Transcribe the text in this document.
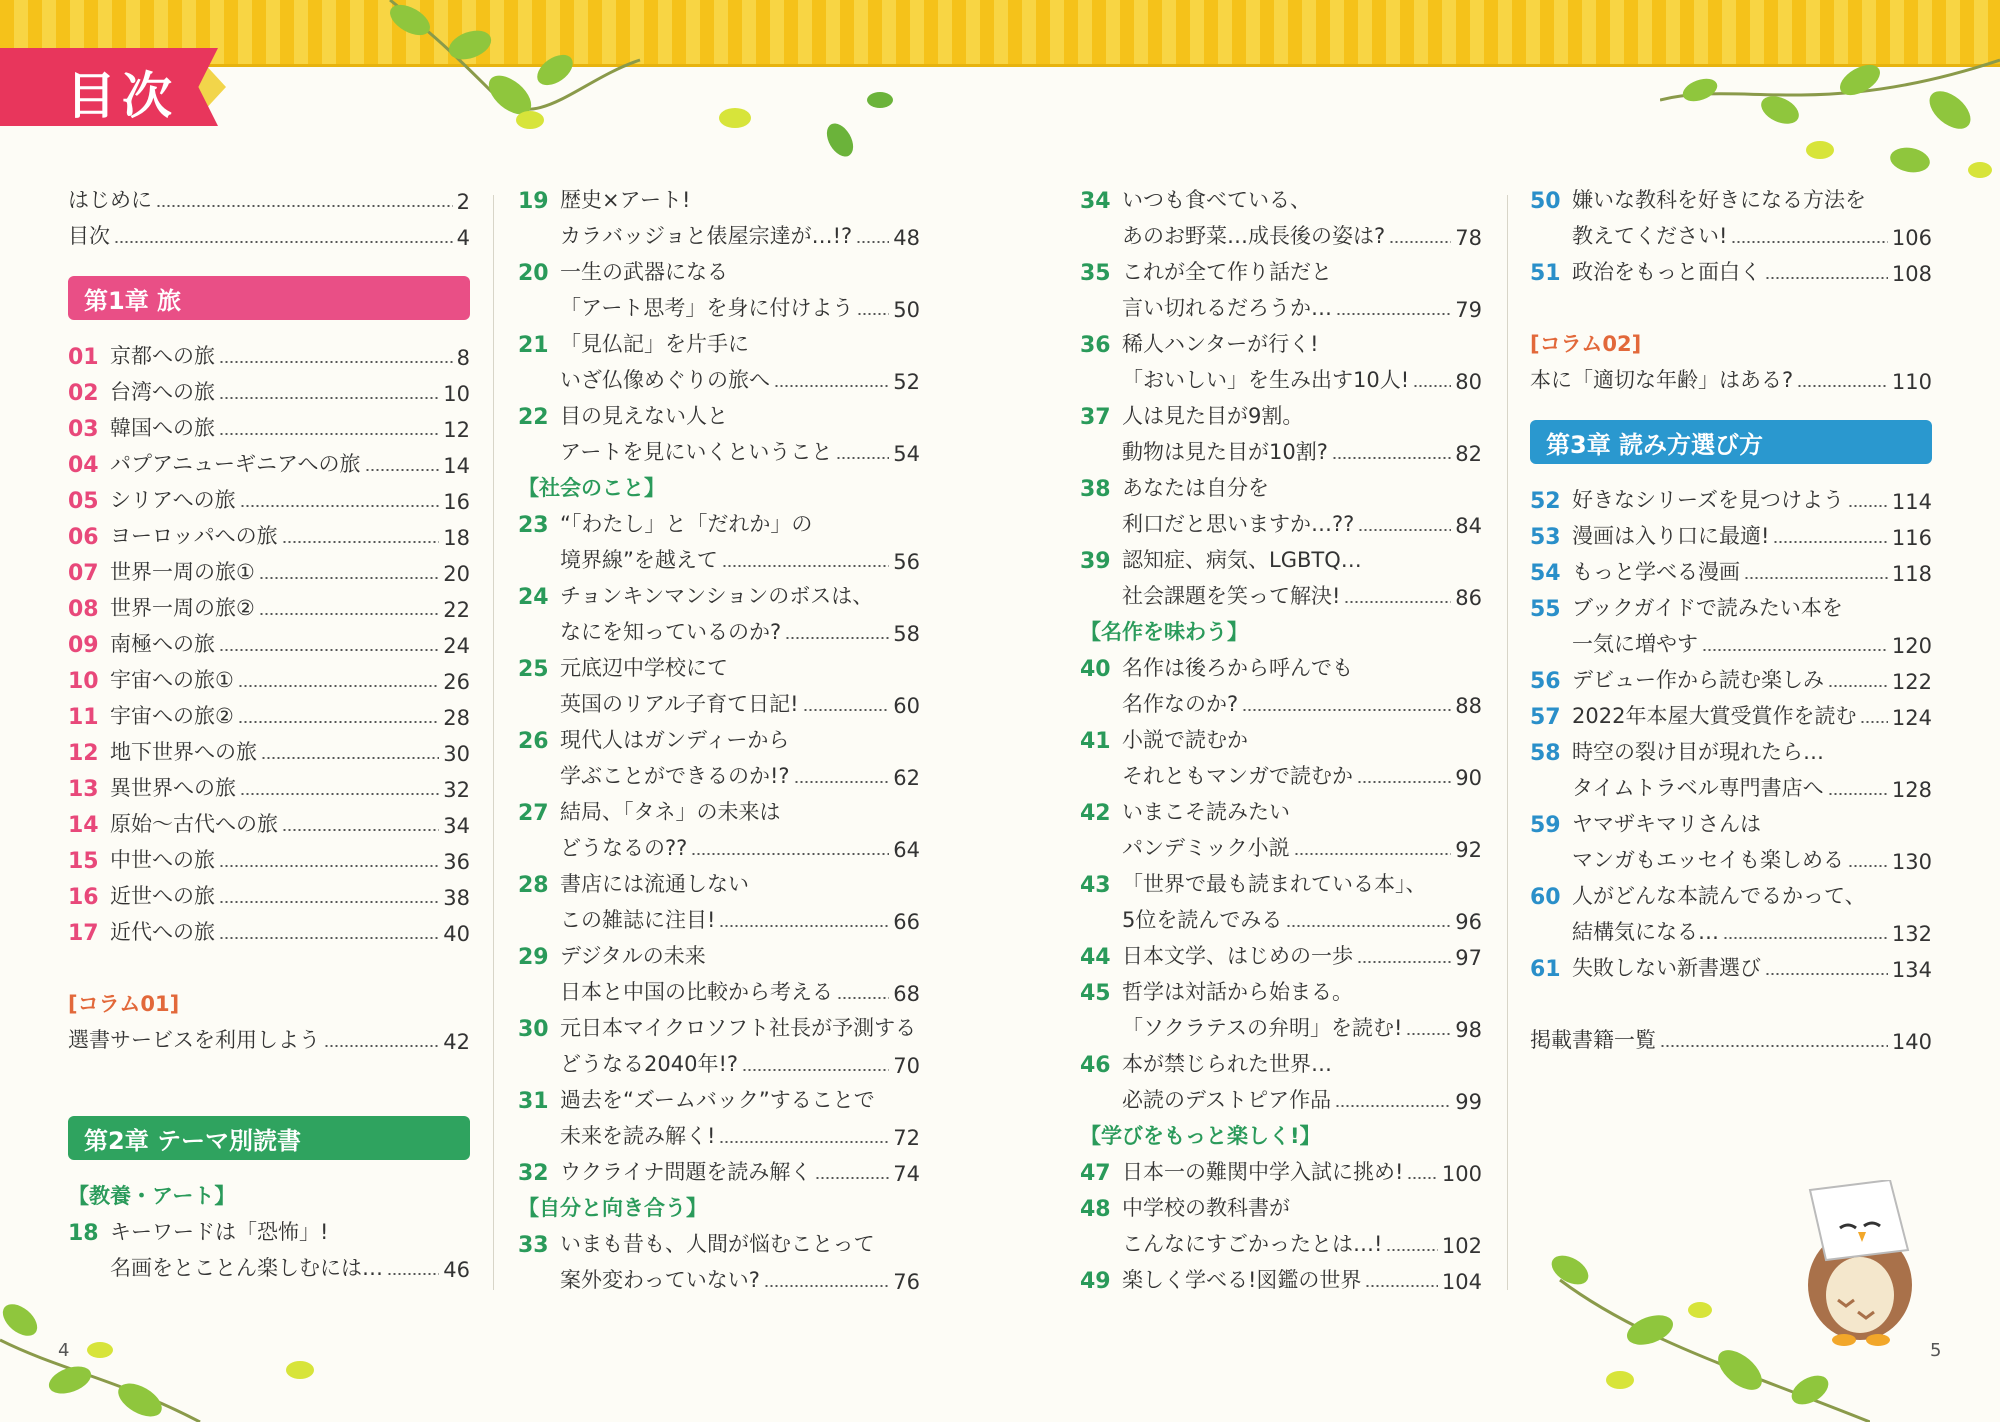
目次
はじめに	2
目次	4
第1章 旅
01 京都への旅	8
02 台湾への旅	10
03 韓国への旅	12
04 パプアニューギニアへの旅	14
05 シリアへの旅	16
06 ヨーロッパへの旅	18
07 世界一周の旅①	20
08 世界一周の旅②	22
09 南極への旅	24
10 宇宙への旅①	26
11 宇宙への旅②	28
12 地下世界への旅	30
13 異世界への旅	32
14 原始～古代への旅	34
15 中世への旅	36
16 近世への旅	38
17 近代への旅	40
[コラム01]
選書サービスを利用しよう	42
第2章 テーマ別読書
【教養・アート】
18 キーワードは「恐怖」!
名画をとことん楽しむには…	46
19 歴史×アート!
カラバッジョと俵屋宗達が…!? 48
20 一生の武器になる
「アート思考」を身に付けよう 50
21 「見仏記」を片手に
いざ仏像めぐりの旅へ	52
22 目の見えない人と
アートを見にいくということ	54
【社会のこと】
23 “「わたし」と「だれか」の
境界線”を越えて	56
24 チョンキンマンションのボスは、
なにを知っているのか?	58
25 元底辺中学校にて
英国のリアル子育て日記!	60
26 現代人はガンディーから
学ぶことができるのか!?	62
27 結局、「タネ」の未来は
どうなるの??	64
28 書店には流通しない
この雑誌に注目!	66
29 デジタルの未来
日本と中国の比較から考える	68
30 元日本マイクロソフト社長が予測する
どうなる2040年!?	70
31 過去を“ズームバック”することで
未来を読み解く!	72
32 ウクライナ問題を読み解く	74
【自分と向き合う】
33 いまも昔も、人間が悩むことって
案外変わっていない?	76
34 いつも食べている、
あのお野菜…成長後の姿は?	78
35 これが全て作り話だと
言い切れるだろうか…	79
36 稀人ハンターが行く!
「おいしい」を生み出す10人! 80
37 人は見た目が9割。
動物は見た目が10割?	82
38 あなたは自分を
利口だと思いますか…??	84
39 認知症、病気、LGBTQ…
社会課題を笑って解決!	86
【名作を味わう】
40 名作は後ろから呼んでも
名作なのか?	88
41 小説で読むか
それともマンガで読むか	90
42 いまこそ読みたい
パンデミック小説	92
43 「世界で最も読まれている本」、
5位を読んでみる	96
44 日本文学、はじめの一歩	97
45 哲学は対話から始まる。
「ソクラテスの弁明」を読む!	98
46 本が禁じられた世界…
必読のデストピア作品	99
【学びをもっと楽しく!】
47 日本一の難関中学入試に挑め! 100
48 中学校の教科書が
こんなにすごかったとは…!	102
49 楽しく学べる!図鑑の世界	104
50 嫌いな教科を好きになる方法を
教えてください!	106
51 政治をもっと面白く	108
[コラム02]
本に「適切な年齢」はある?	110
第3章 読み方選び方
52 好きなシリーズを見つけよう 114
53 漫画は入り口に最適!	116
54 もっと学べる漫画	118
55 ブックガイドで読みたい本を
一気に増やす	120
56 デビュー作から読む楽しみ	122
57 2022年本屋大賞受賞作を読む 124
58 時空の裂け目が現れたら…
タイムトラベル専門書店へ	128
59 ヤマザキマリさんは
マンガもエッセイも楽しめる 130
60 人がどんな本読んでるかって、
結構気になる…	132
61 失敗しない新書選び	134
掲載書籍一覧	140
4	5
